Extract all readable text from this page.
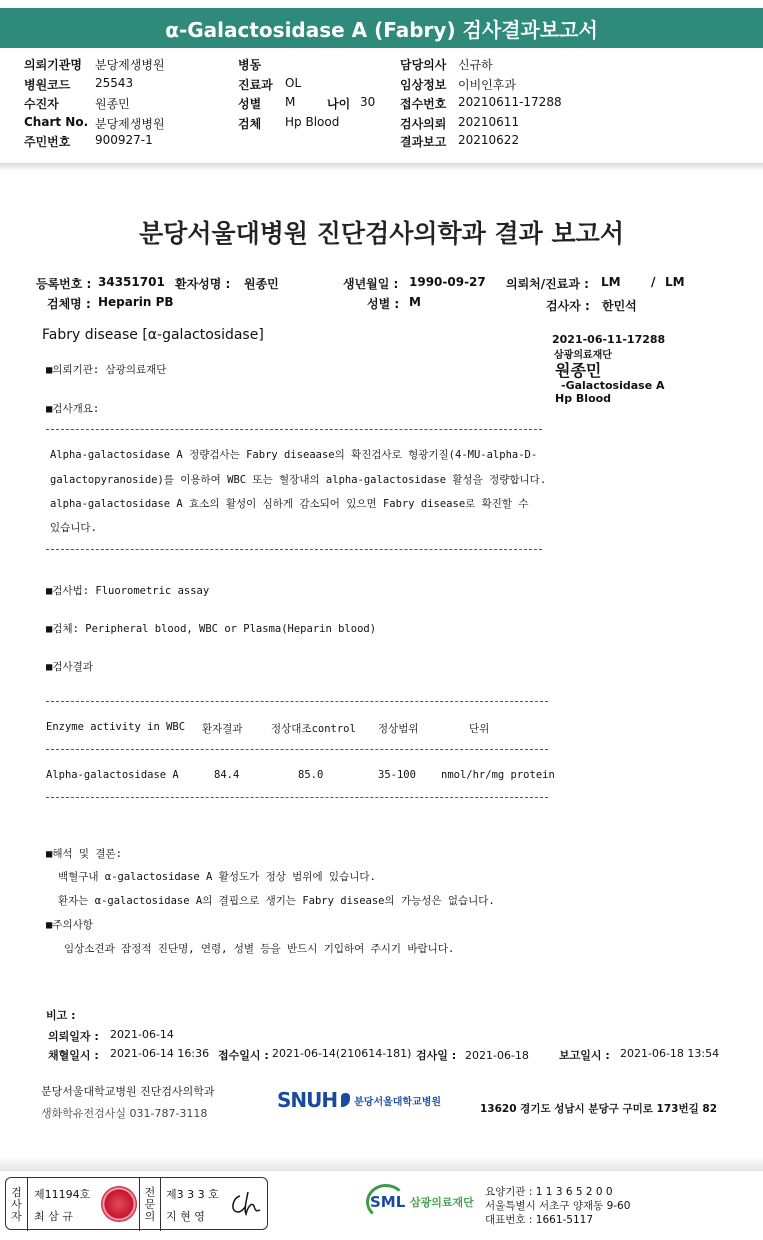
α-Galactosidase A (Fabry) 검사결과보고서
의뢰기관명 분당제생병원
병원코드 25543
수진자	원종민
Chart No. 분당제생병원
주민번호 900927-1
병동
진료과 OL
성별 M	나이 30
검체 Hp Blood
담당의사 신규하
임상정보 이비인후과
접수번호 20210611-17288
검사의뢰 20210611
결과보고 20210622
분당서울대병원 진단검사의학과 결과 보고서
등록번호 : 34351701 환자성명 : 원종민	생년월일 : 1990-09-27 의뢰처/진료과 : LM	/ LM
검체명 : Heparin PB	성별 : M	검사자 : 한민석
Fabry disease [α-galactosidase]	2021-06-11-17288
삼광의료재단
원종민
-Galactosidase A
Hp Blood
■의뢰기관: 삼광의료재단
■검사개요:
Alpha-galactosidase A 정량검사는 Fabry diseaase의 확진검사로 형광기질(4-MU-alpha-D-
galactopyranoside)를 이용하여 WBC 또는 혈장내의 alpha-galactosidase 활성을 정량합니다.
alpha-galactosidase A 효소의 활성이 심하게 감소되어 있으면 Fabry disease로 확진할 수
있습니다.
■검사법: Fluorometric assay
■검체: Peripheral blood, WBC or Plasma(Heparin blood)
■검사결과
Enzyme activity in WBC 환자결과	정상대조control 정상범위	단위
Alpha-galactosidase A	84.4	85.0	35-100 nmol/hr/mg protein
■해석 및 결론:
백혈구내 α-galactosidase A 활성도가 정상 범위에 있습니다.
환자는 α-galactosidase A의 결핍으로 생기는 Fabry disease의 가능성은 없습니다.
■주의사항
임상소견과 잠정적 진단명, 연령, 성별 등을 반드시 기입하여 주시기 바랍니다.
비고 :
의뢰일자 : 2021-06-14
채혈일시 : 2021-06-14 16:36 접수일시 : 2021-06-14(210614-181) 검사일 : 2021-06-18	보고일시 : 2021-06-18 13:54
분당서울대학교병원 진단검사의학과
생화학유전검사실 031-787-3118
SNUH 분당서울대학교병원
13620 경기도 성남시 분당구 구미로 173번길 82
검
사
자
제11194호
최 삼 규
전
문
의
제3 3 3 호
지 현 영
SML 삼광의료재단
요양기관 : 1 1 3 6 5 2 0 0
서울특별시 서초구 양재동 9-60
대표번호 : 1661-5117
